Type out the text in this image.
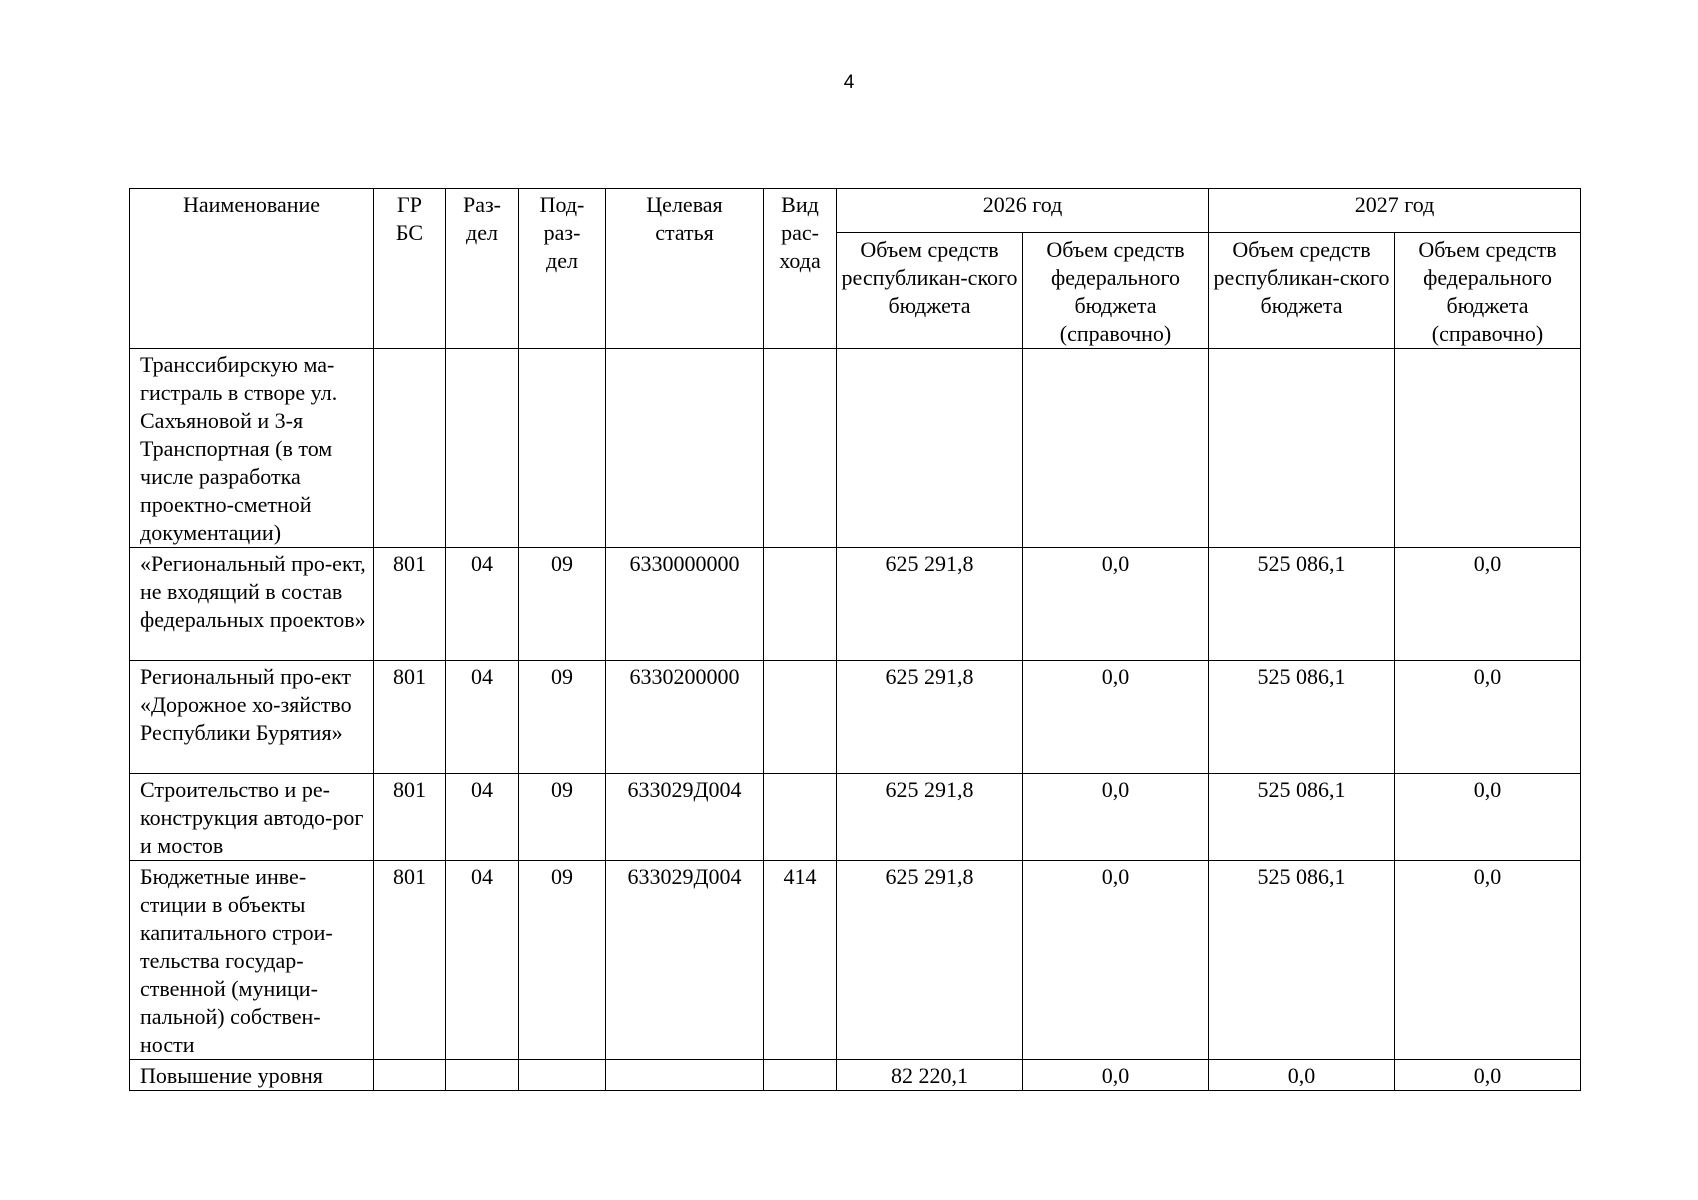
4
Наименование	ГР БС	Раз-дел	Под-раз-дел	Целевая статья	Вид рас-хода	2026 год		2027 год	
						Объем средств республикан-ского бюджета	Объем средств федерального бюджета (справочно)	Объем средств республикан-ского бюджета	Объем средств федерального бюджета (справочно)
Транссибирскую ма-гистраль в створе ул. Сахъяновой и 3-я Транспортная (в том числе разработка проектно-сметной документации)									
«Региональный про-ект, не входящий в состав федеральных проектов»	801	04	09	6330000000		625 291,8	0,0	525 086,1	0,0
Региональный про-ект «Дорожное хо-зяйство Республики Бурятия»	801	04	09	6330200000		625 291,8	0,0	525 086,1	0,0
Строительство и ре-конструкция автодо-рог и мостов	801	04	09	633029Д004		625 291,8	0,0	525 086,1	0,0
Бюджетные инве-стиции в объекты капитального строи-тельства государ-ственной (муници-пальной) собствен-ности	801	04	09	633029Д004	414	625 291,8	0,0	525 086,1	0,0
Повышение уровня						82 220,1	0,0	0,0	0,0
